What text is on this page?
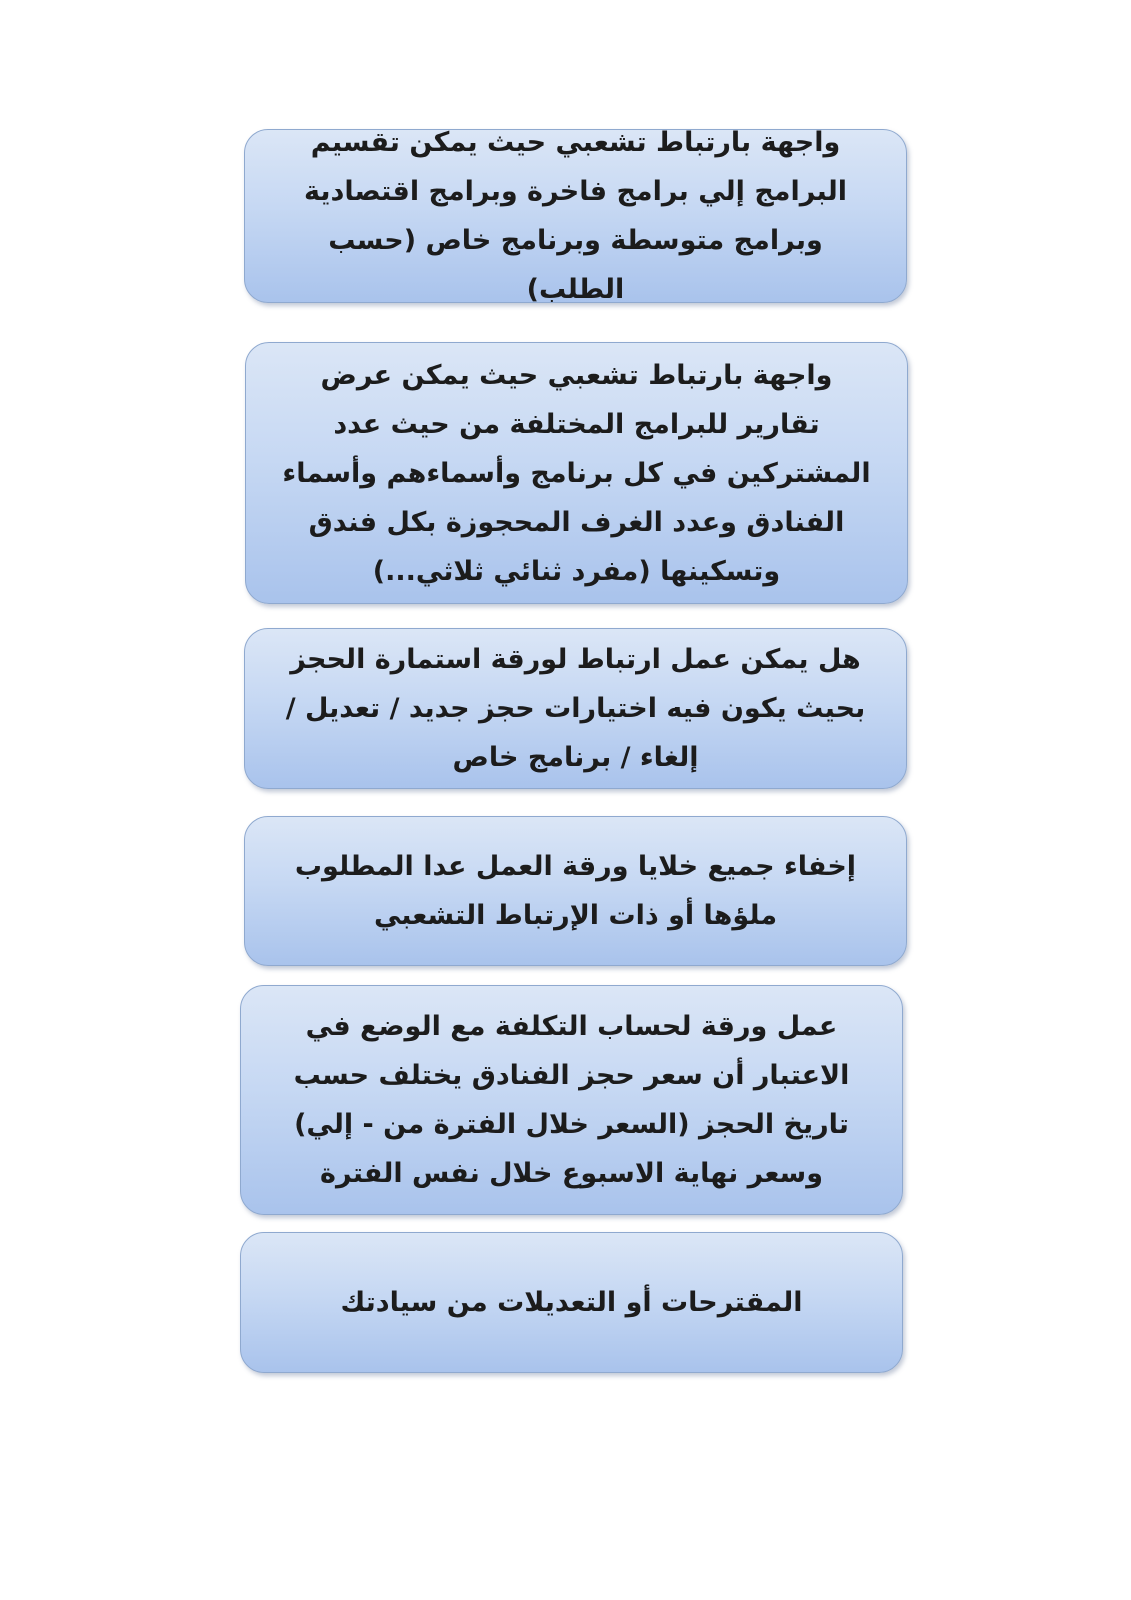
واجهة بارتباط تشعبي حيث يمكن تقسيم البرامج إلي برامج فاخرة وبرامج اقتصادية وبرامج متوسطة وبرنامج خاص (حسب الطلب)

واجهة بارتباط تشعبي حيث يمكن عرض تقارير للبرامج المختلفة من حيث عدد المشتركين في كل برنامج وأسماءهم وأسماء الفنادق وعدد الغرف المحجوزة بكل فندق وتسكينها (مفرد ثنائي ثلاثي...)

هل يمكن عمل ارتباط لورقة استمارة الحجز بحيث يكون فيه اختيارات حجز جديد / تعديل / إلغاء / برنامج خاص

إخفاء جميع خلايا ورقة العمل عدا المطلوب ملؤها أو ذات الإرتباط التشعبي

عمل ورقة لحساب التكلفة مع الوضع في الاعتبار أن سعر حجز الفنادق يختلف حسب تاريخ الحجز (السعر خلال الفترة من - إلي) وسعر نهاية الاسبوع خلال نفس الفترة

المقترحات أو التعديلات من سيادتك
